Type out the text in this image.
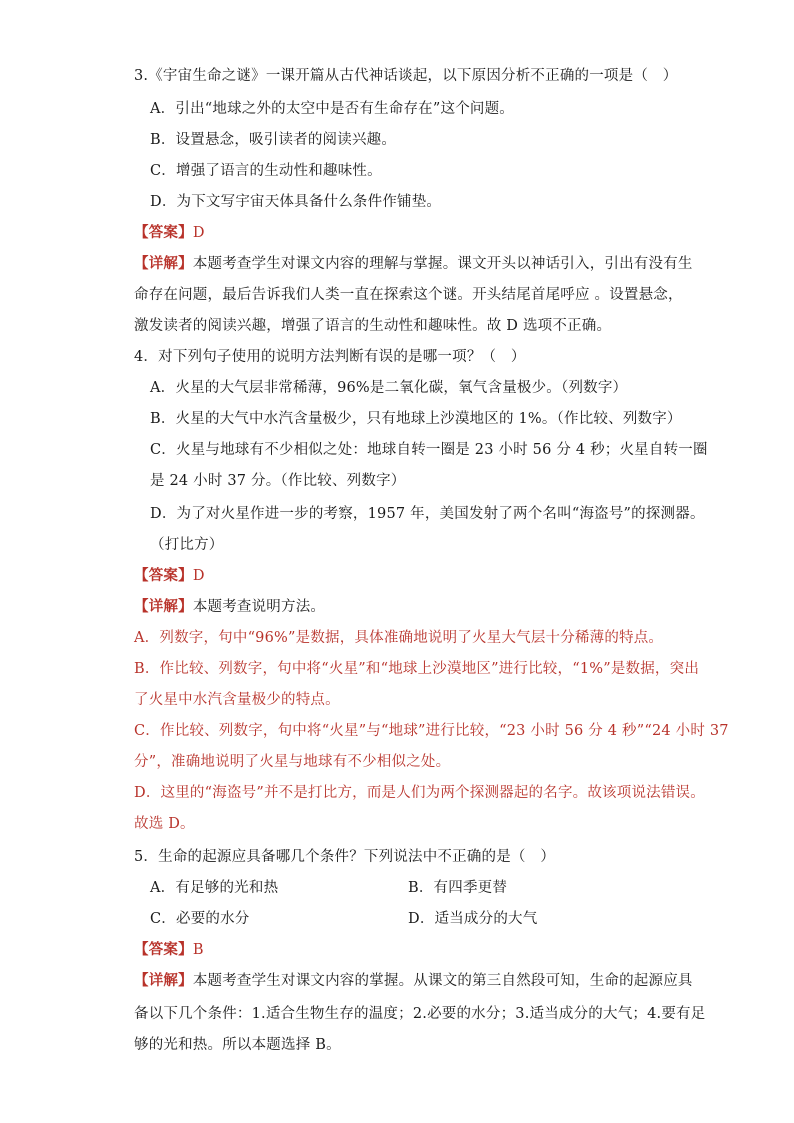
3.《宇宙生命之谜》一课开篇从古代神话谈起，以下原因分析不正确的一项是（　）
A．引出“地球之外的太空中是否有生命存在”这个问题。
B．设置悬念，吸引读者的阅读兴趣。
C．增强了语言的生动性和趣味性。
D．为下文写宇宙天体具备什么条件作铺垫。
【答案】D
【详解】本题考查学生对课文内容的理解与掌握。课文开头以神话引入，引出有没有生
命存在问题，最后告诉我们人类一直在探索这个谜。开头结尾首尾呼应 。设置悬念，
激发读者的阅读兴趣，增强了语言的生动性和趣味性。故 D 选项不正确。
4．对下列句子使用的说明方法判断有误的是哪一项？（　）
A．火星的大气层非常稀薄，96%是二氧化碳，氧气含量极少。（列数字）
B．火星的大气中水汽含量极少，只有地球上沙漠地区的 1%。（作比较、列数字）
C．火星与地球有不少相似之处：地球自转一圈是 23 小时 56 分 4 秒；火星自转一圈
是 24 小时 37 分。（作比较、列数字）
D．为了对火星作进一步的考察，1957 年，美国发射了两个名叫“海盗号”的探测器。
（打比方）
【答案】D
【详解】本题考查说明方法。
A．列数字，句中“96%”是数据，具体准确地说明了火星大气层十分稀薄的特点。
B．作比较、列数字，句中将“火星”和“地球上沙漠地区”进行比较，“1%”是数据，突出
了火星中水汽含量极少的特点。
C．作比较、列数字，句中将“火星”与“地球”进行比较，“23 小时 56 分 4 秒”“24 小时 37
分”，准确地说明了火星与地球有不少相似之处。
D．这里的“海盗号”并不是打比方，而是人们为两个探测器起的名字。故该项说法错误。
故选 D。
5．生命的起源应具备哪几个条件？下列说法中不正确的是（　）
A．有足够的光和热	B．有四季更替
C．必要的水分	D．适当成分的大气
【答案】B
【详解】本题考查学生对课文内容的掌握。从课文的第三自然段可知，生命的起源应具
备以下几个条件：1.适合生物生存的温度；2.必要的水分；3.适当成分的大气；4.要有足
够的光和热。所以本题选择 B。
